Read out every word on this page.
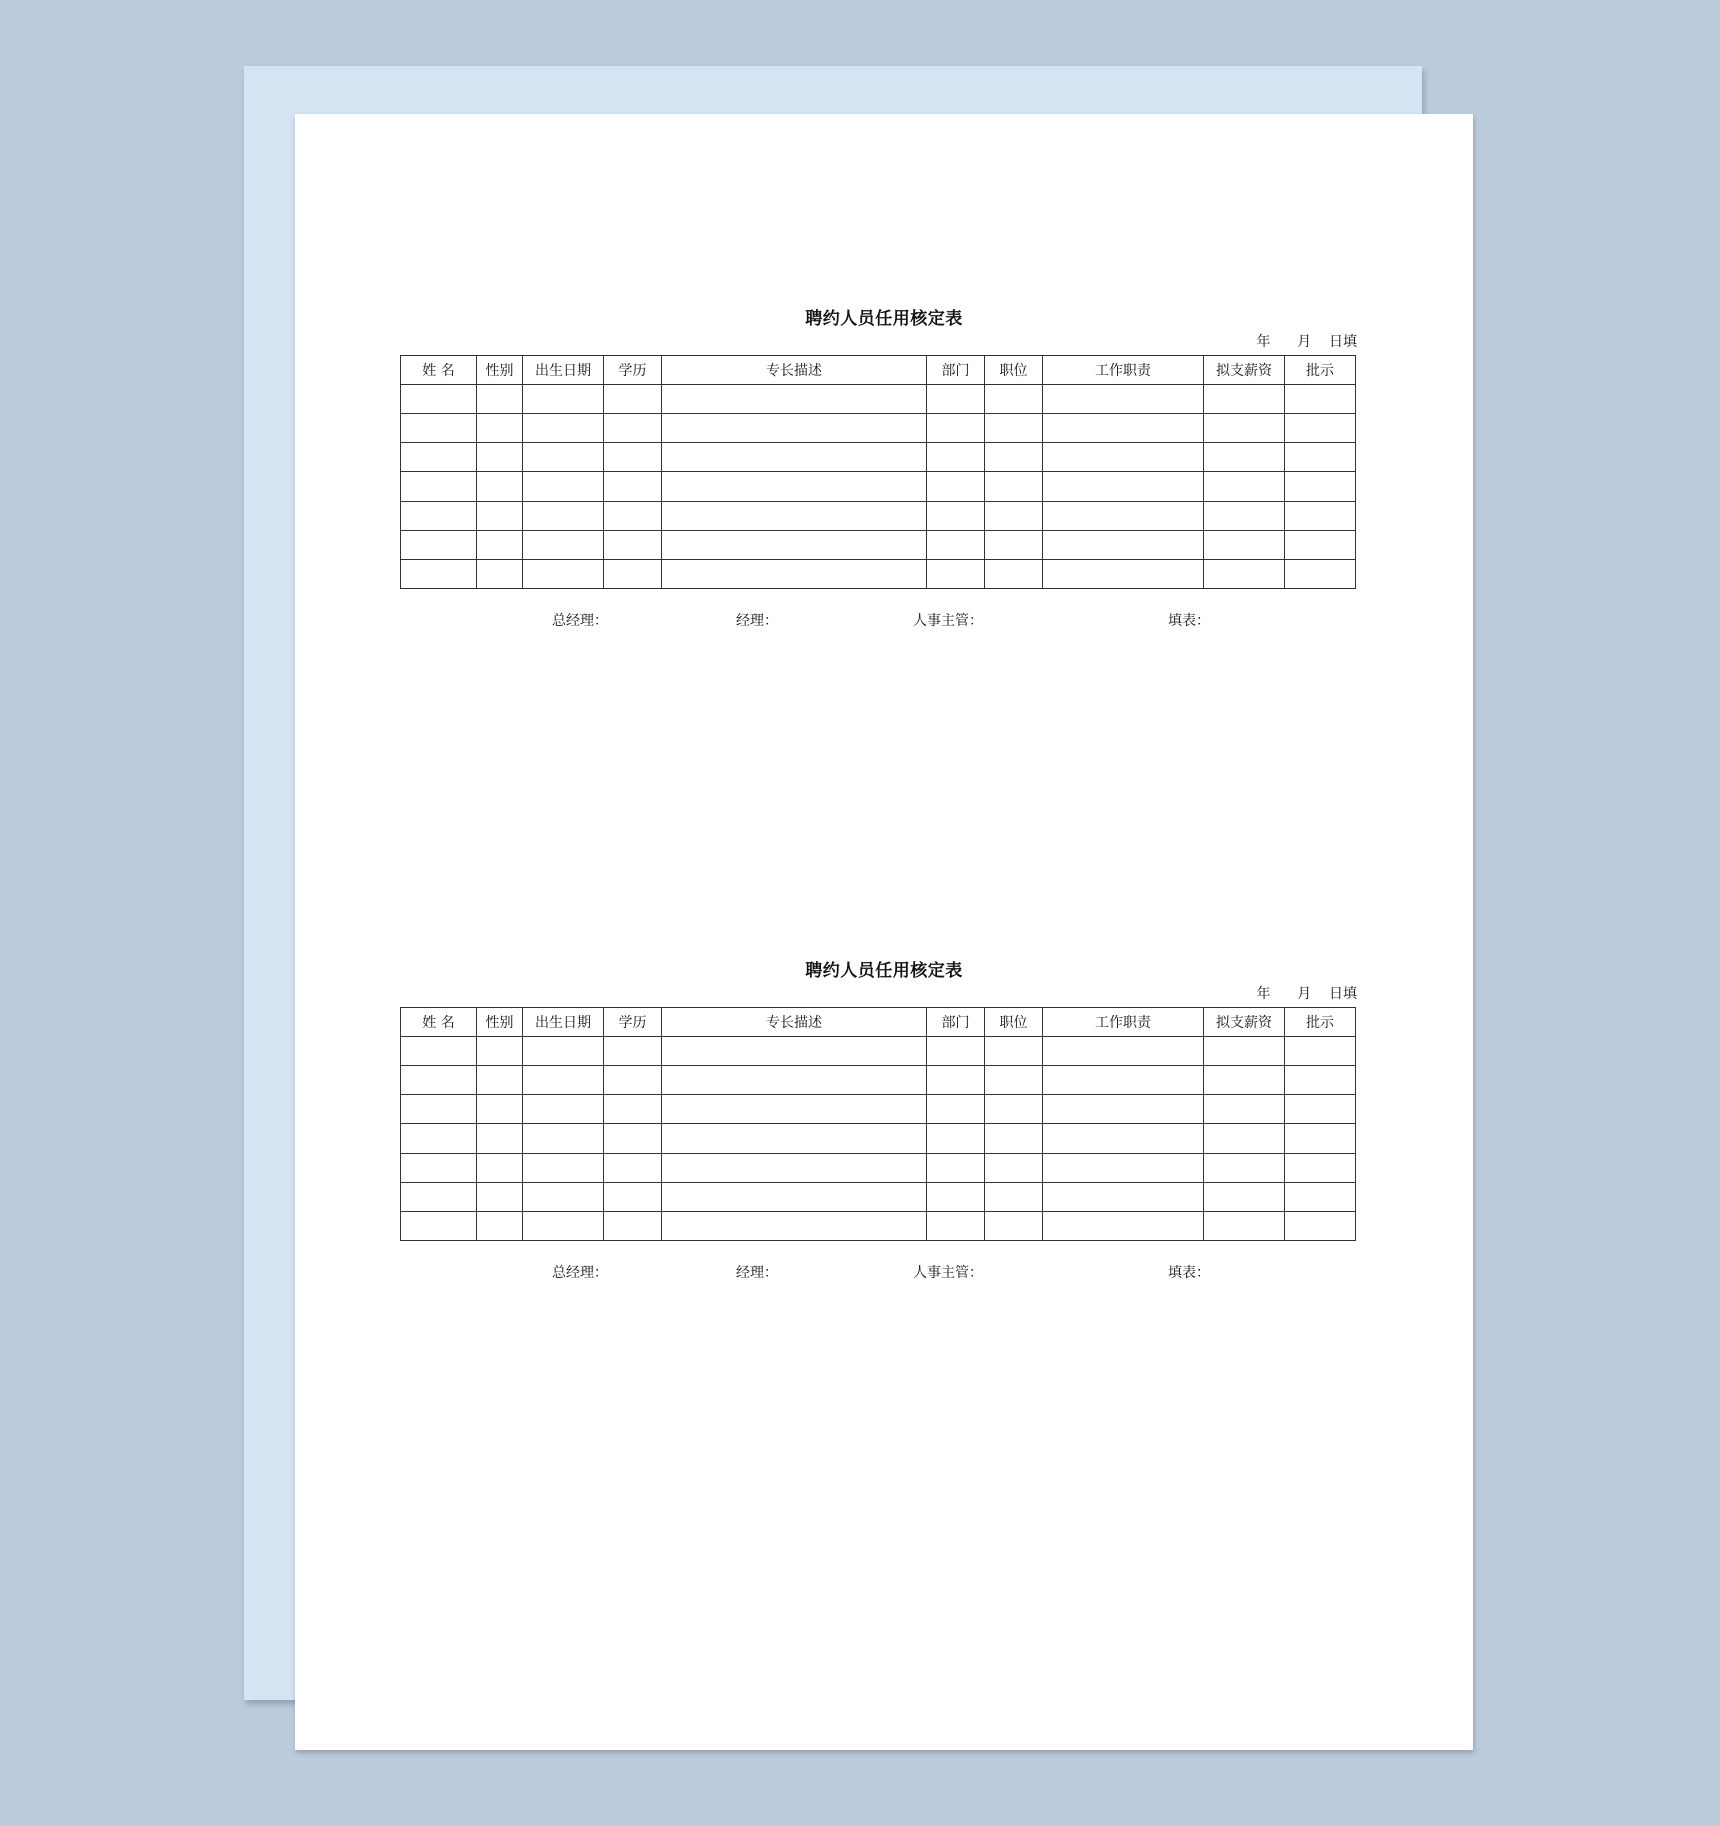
聘约人员任用核定表
年 月 日填
姓 名	性别	出生日期	学历	专长描述	部门	职位	工作职责	拟支薪资	批示

总经理：	经理：	人事主管：	填表：
聘约人员任用核定表
年 月 日填
姓 名	性别	出生日期	学历	专长描述	部门	职位	工作职责	拟支薪资	批示

总经理：	经理：	人事主管：	填表：
